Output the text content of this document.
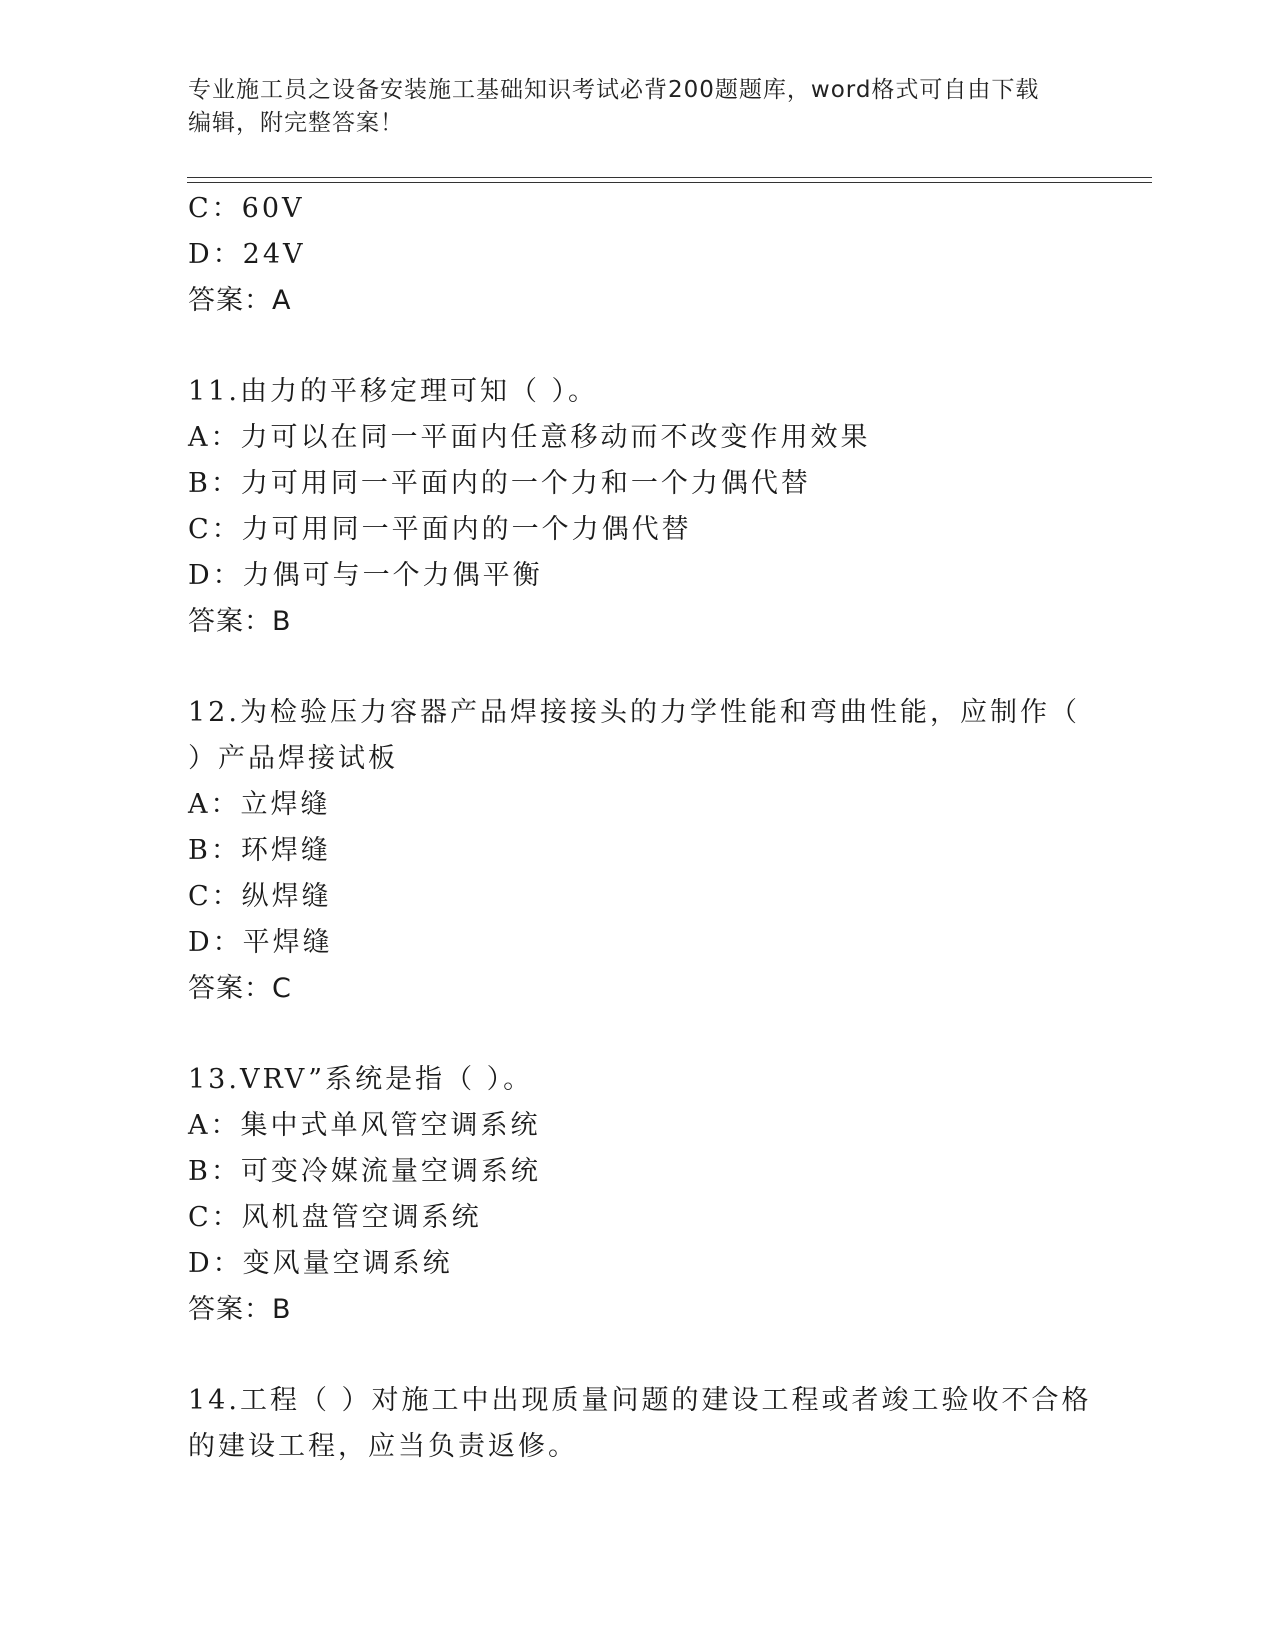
专业施工员之设备安装施工基础知识考试必背200题题库，word格式可自由下载
编辑，附完整答案！
C：60V
D：24V
答案：A
11.由力的平移定理可知（ ）。
A：力可以在同一平面内任意移动而不改变作用效果
B：力可用同一平面内的一个力和一个力偶代替
C：力可用同一平面内的一个力偶代替
D：力偶可与一个力偶平衡
答案：B
12.为检验压力容器产品焊接接头的力学性能和弯曲性能，应制作（
）产品焊接试板
A：立焊缝
B：环焊缝
C：纵焊缝
D：平焊缝
答案：C
13.VRV”系统是指（ ）。
A：集中式单风管空调系统
B：可变冷媒流量空调系统
C：风机盘管空调系统
D：变风量空调系统
答案：B
14.工程（ ）对施工中出现质量问题的建设工程或者竣工验收不合格
的建设工程，应当负责返修。
